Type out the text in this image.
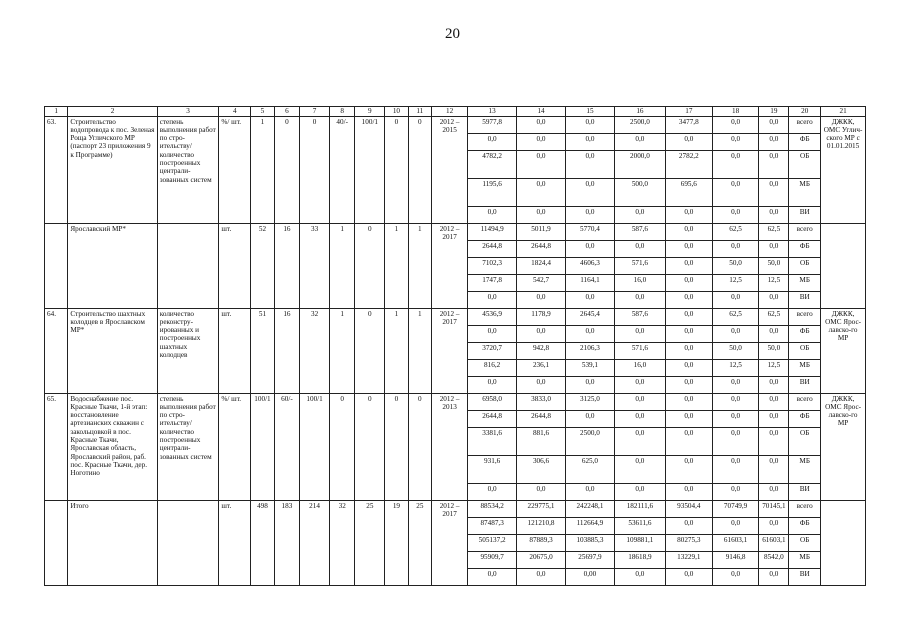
20
1	2	3	4	5	6	7	8	9	10	11	12	13	14	15	16	17	18	19	20	21
63.	Строительство водопровода к пос. Зеленая Роща Угличского МР (паспорт 23 приложения 9 к Программе)	степень выполнения работ по стро-ительству/ количество построенных централи-зованных систем	%/ шт.	1	0	0	40/-	100/1	0	0	2012 – 2015	5977,8	0,0	0,0	2500,0	3477,8	0,0	0,0	всего	ДЖКК, ОМС Углич-ского МР с 01.01.2015
												0,0	0,0	0,0	0,0	0,0	0,0	0,0	ФБ	
												4782,2	0,0	0,0	2000,0	2782,2	0,0	0,0	ОБ	
												1195,6	0,0	0,0	500,0	695,6	0,0	0,0	МБ	
												0,0	0,0	0,0	0,0	0,0	0,0	0,0	ВИ	
	Ярославский МР*		шт.	52	16	33	1	0	1	1	2012 – 2017	11494,9	5011,9	5770,4	587,6	0,0	62,5	62,5	всего	
												2644,8	2644,8	0,0	0,0	0,0	0,0	0,0	ФБ	
												7102,3	1824,4	4606,3	571,6	0,0	50,0	50,0	ОБ	
												1747,8	542,7	1164,1	16,0	0,0	12,5	12,5	МБ	
												0,0	0,0	0,0	0,0	0,0	0,0	0,0	ВИ	
64.	Строительство шахтных колодцев в Ярославском МР*	количество реконстру-ированных и построенных шахтных колодцев	шт.	51	16	32	1	0	1	1	2012 – 2017	4536,9	1178,9	2645,4	587,6	0,0	62,5	62,5	всего	ДЖКК, ОМС Ярос-лавско-го МР
												0,0	0,0	0,0	0,0	0,0	0,0	0,0	ФБ	
												3720,7	942,8	2106,3	571,6	0,0	50,0	50,0	ОБ	
												816,2	236,1	539,1	16,0	0,0	12,5	12,5	МБ	
												0,0	0,0	0,0	0,0	0,0	0,0	0,0	ВИ	
65.	Водоснабжение пос. Красные Ткачи, 1-й этап: восстановление артезианских скважин с закольцовкой в пос. Красные Ткачи, Ярославская область, Ярославский район, раб. пос. Красные Ткачи, дер. Ноготино	степень выполнения работ по стро-ительству/ количество построенных централи-зованных систем	%/ шт.	100/1	60/-	100/1	0	0	0	0	2012 – 2013	6958,0	3833,0	3125,0	0,0	0,0	0,0	0,0	всего	ДЖКК, ОМС Ярос-лавско-го МР
												2644,8	2644,8	0,0	0,0	0,0	0,0	0,0	ФБ	
												3381,6	881,6	2500,0	0,0	0,0	0,0	0,0	ОБ	
												931,6	306,6	625,0	0,0	0,0	0,0	0,0	МБ	
												0,0	0,0	0,0	0,0	0,0	0,0	0,0	ВИ	
	Итого		шт.	498	183	214	32	25	19	25	2012 – 2017	88534,2	229775,1	242248,1	182111,6	93504,4	70749,9	70145,1	всего	
												87487,3	121210,8	112664,9	53611,6	0,0	0,0	0,0	ФБ	
												505137,2	87889,3	103885,3	109881,1	80275,3	61603,1	61603,1	ОБ	
												95909,7	20675,0	25697,9	18618,9	13229,1	9146,8	8542,0	МБ	
												0,0	0,0	0,00	0,0	0,0	0,0	0,0	ВИ	
